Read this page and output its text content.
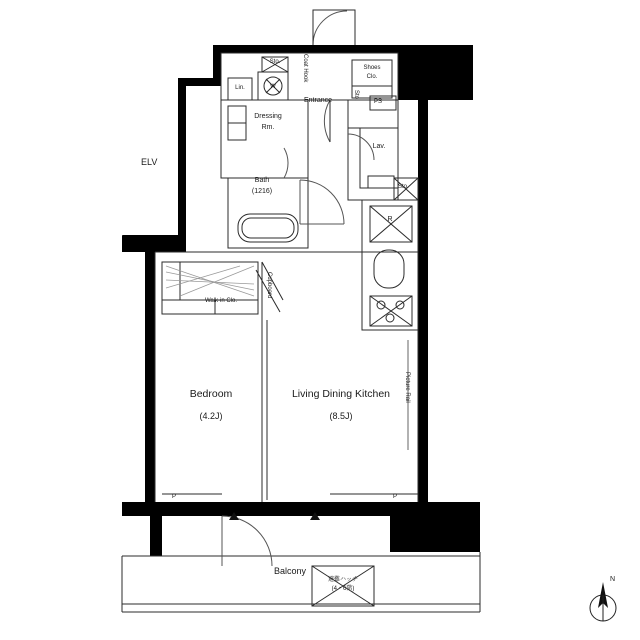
ELV
Sto.	Coat Hook
Lin.	W
Entrance	Sto.
PS
Shoes
Clo.
Dressing
Rm.
Lav.
Sto.
Bath
(1216)
R
Walk-in Clo.
Cupboard
Bedroom
(4.2J)
Living Dining Kitchen
(8.5J)
Picture Rail
P	P
Balcony
避難ハッチ
(4・6階)
N
